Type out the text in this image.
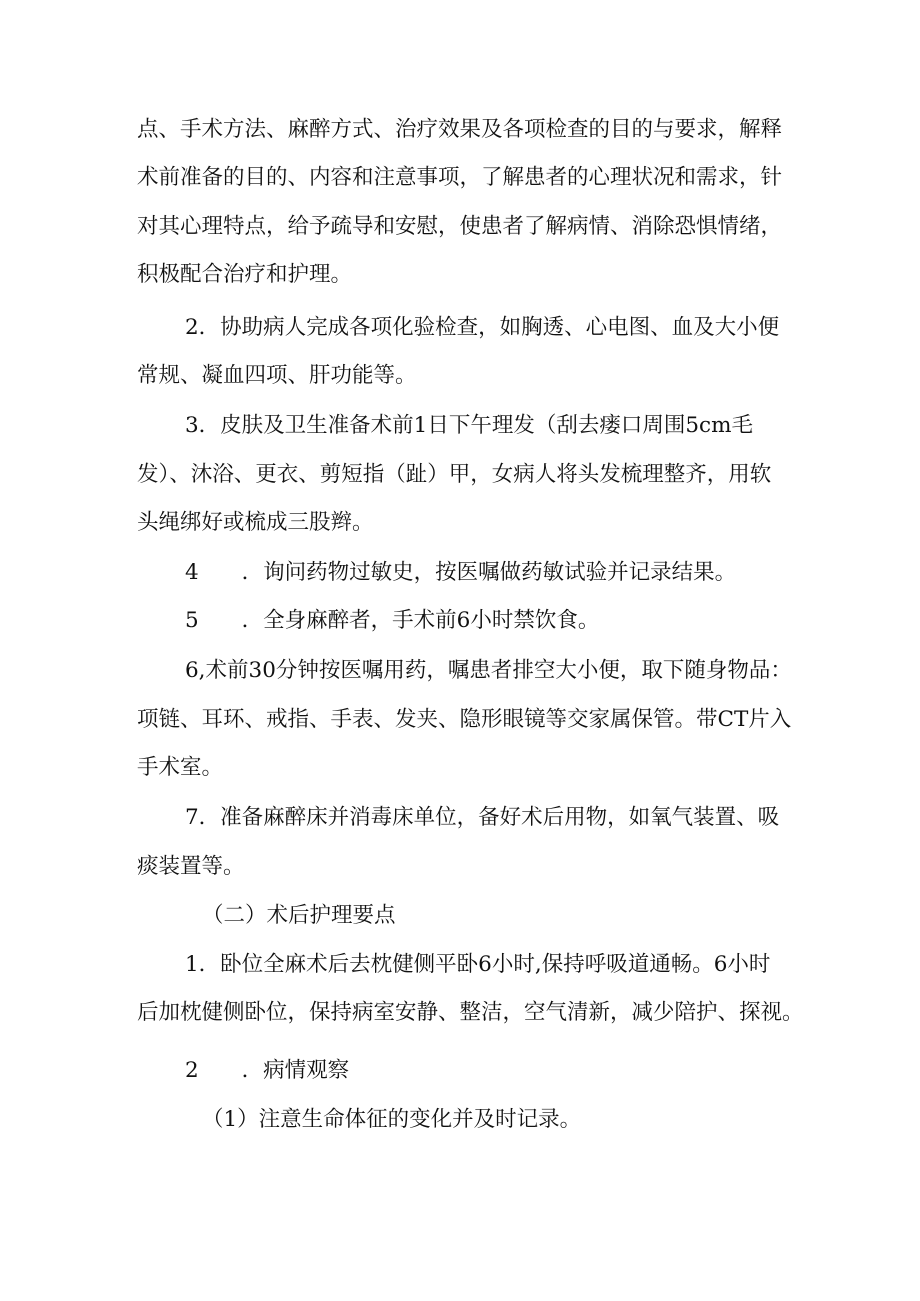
点、手术方法、麻醉方式、治疗效果及各项检查的目的与要求，解释
术前准备的目的、内容和注意事项，了解患者的心理状况和需求，针
对其心理特点，给予疏导和安慰，使患者了解病情、消除恐惧情绪，
积极配合治疗和护理。
2．协助病人完成各项化验检查，如胸透、心电图、血及大小便
常规、凝血四项、肝功能等。
3．皮肤及卫生准备术前1日下午理发（刮去瘘口周围5cm毛
发）、沐浴、更衣、剪短指（趾）甲，女病人将头发梳理整齐，用软
头绳绑好或梳成三股辫。
4　　．询问药物过敏史，按医嘱做药敏试验并记录结果。
5　　．全身麻醉者，手术前6小时禁饮食。
6,术前30分钟按医嘱用药，嘱患者排空大小便，取下随身物品：
项链、耳环、戒指、手表、发夹、隐形眼镜等交家属保管。带CT片入
手术室。
7．准备麻醉床并消毒床单位，备好术后用物，如氧气装置、吸
痰装置等。
（二）术后护理要点
1．卧位全麻术后去枕健侧平卧6小时,保持呼吸道通畅。6小时
后加枕健侧卧位，保持病室安静、整洁，空气清新，减少陪护、探视。
2　　．病情观察
（1）注意生命体征的变化并及时记录。
